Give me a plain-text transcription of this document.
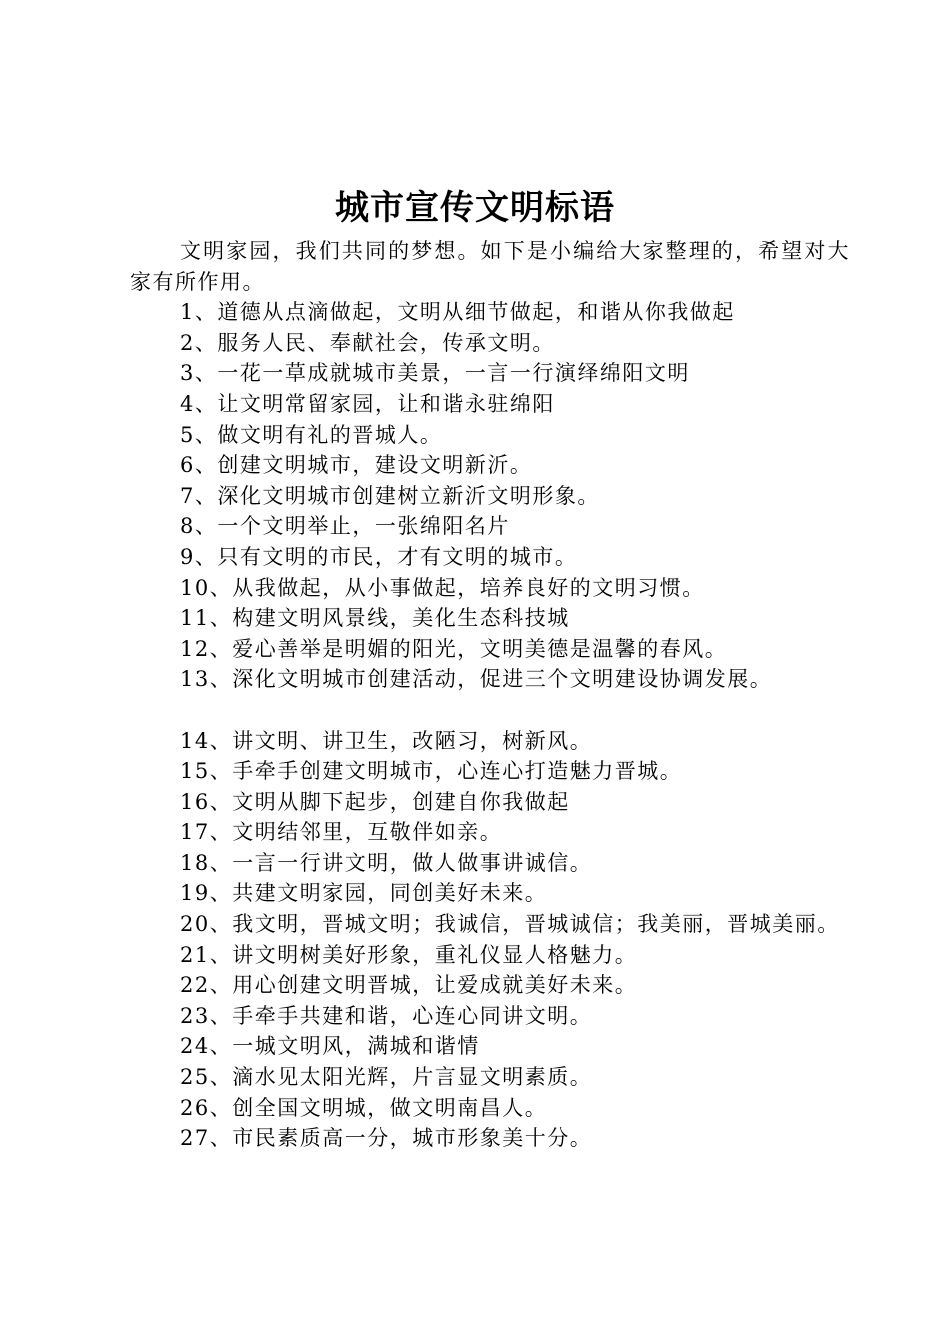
城市宣传文明标语

文明家园，我们共同的梦想。如下是小编给大家整理的，希望对大家有所作用。

1、道德从点滴做起，文明从细节做起，和谐从你我做起

2、服务人民、奉献社会，传承文明。

3、一花一草成就城市美景，一言一行演绎绵阳文明

4、让文明常留家园，让和谐永驻绵阳

5、做文明有礼的晋城人。

6、创建文明城市，建设文明新沂。

7、深化文明城市创建树立新沂文明形象。

8、一个文明举止，一张绵阳名片

9、只有文明的市民，才有文明的城市。

10、从我做起，从小事做起，培养良好的文明习惯。

11、构建文明风景线，美化生态科技城

12、爱心善举是明媚的阳光，文明美德是温馨的春风。

13、深化文明城市创建活动，促进三个文明建设协调发展。

14、讲文明、讲卫生，改陋习，树新风。

15、手牵手创建文明城市，心连心打造魅力晋城。

16、文明从脚下起步，创建自你我做起

17、文明结邻里，互敬伴如亲。

18、一言一行讲文明，做人做事讲诚信。

19、共建文明家园，同创美好未来。

20、我文明，晋城文明；我诚信，晋城诚信；我美丽，晋城美丽。

21、讲文明树美好形象，重礼仪显人格魅力。

22、用心创建文明晋城，让爱成就美好未来。

23、手牵手共建和谐，心连心同讲文明。

24、一城文明风，满城和谐情

25、滴水见太阳光辉，片言显文明素质。

26、创全国文明城，做文明南昌人。

27、市民素质高一分，城市形象美十分。
